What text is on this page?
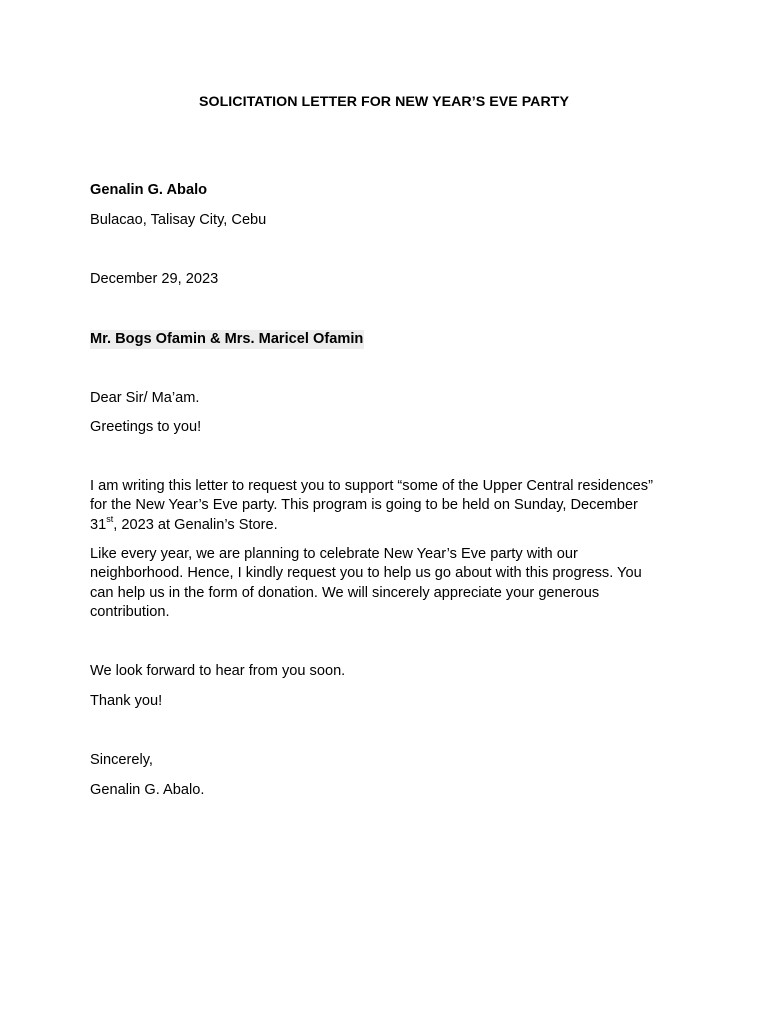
SOLICITATION LETTER FOR NEW YEAR’S EVE PARTY
Genalin G. Abalo
Bulacao, Talisay City, Cebu
December 29, 2023
Mr. Bogs Ofamin & Mrs. Maricel Ofamin
Dear Sir/ Ma’am.
Greetings to you!
I am writing this letter to request you to support “some of the Upper Central residences”
for the New Year’s Eve party. This program is going to be held on Sunday, December
31st, 2023 at Genalin’s Store.
Like every year, we are planning to celebrate New Year’s Eve party with our
neighborhood. Hence, I kindly request you to help us go about with this progress. You
can help us in the form of donation. We will sincerely appreciate your generous
contribution.
We look forward to hear from you soon.
Thank you!
Sincerely,
Genalin G. Abalo.
